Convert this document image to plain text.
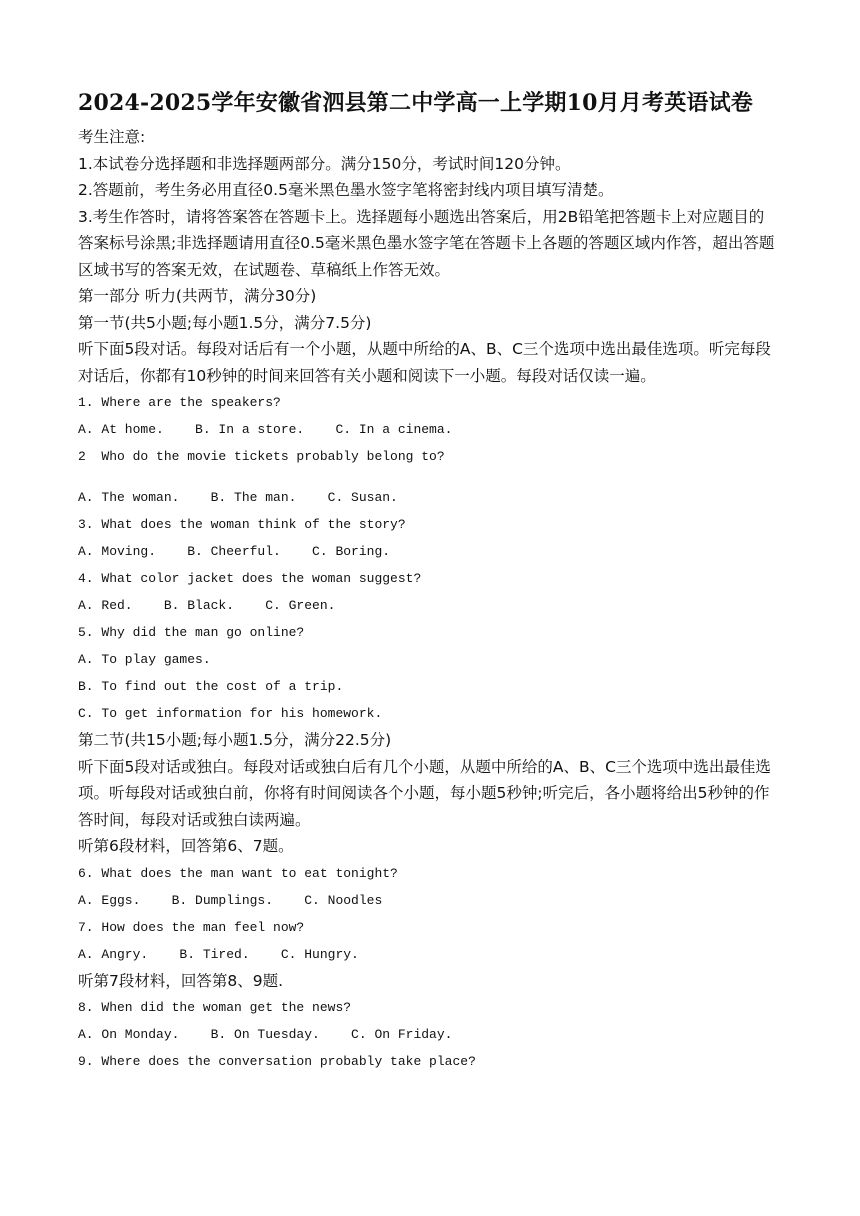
2024-2025学年安徽省泗县第二中学高一上学期10月月考英语试卷

考生注意:

1.本试卷分选择题和非选择题两部分。满分150分，考试时间120分钟。

2.答题前，考生务必用直径0.5毫米黑色墨水签字笔将密封线内项目填写清楚。

3.考生作答时，请将答案答在答题卡上。选择题每小题选出答案后，用2B铅笔把答题卡上对应题目的答案标号涂黑;非选择题请用直径0.5毫米黑色墨水签字笔在答题卡上各题的答题区域内作答，超出答题区域书写的答案无效，在试题卷、草稿纸上作答无效。

第一部分 听力(共两节，满分30分)

第一节(共5小题;每小题1.5分，满分7.5分)

听下面5段对话。每段对话后有一个小题，从题中所给的A、B、C三个选项中选出最佳选项。听完每段对话后，你都有10秒钟的时间来回答有关小题和阅读下一小题。每段对话仅读一遍。

1. Where are the speakers?

A. At home.    B. In a store.    C. In a cinema.

2  Who do the movie tickets probably belong to?

A. The woman.    B. The man.    C. Susan.

3. What does the woman think of the story?

A. Moving.    B. Cheerful.    C. Boring.

4. What color jacket does the woman suggest?

A. Red.    B. Black.    C. Green.

5. Why did the man go online?

A. To play games.

B. To find out the cost of a trip.

C. To get information for his homework.

第二节(共15小题;每小题1.5分，满分22.5分)

听下面5段对话或独白。每段对话或独白后有几个小题，从题中所给的A、B、C三个选项中选出最佳选项。听每段对话或独白前，你将有时间阅读各个小题，每小题5秒钟;听完后，各小题将给出5秒钟的作答时间，每段对话或独白读两遍。

听第6段材料，回答第6、7题。

6. What does the man want to eat tonight?

A. Eggs.    B. Dumplings.    C. Noodles

7. How does the man feel now?

A. Angry.    B. Tired.    C. Hungry.

听第7段材料，回答第8、9题.

8. When did the woman get the news?

A. On Monday.    B. On Tuesday.    C. On Friday.

9. Where does the conversation probably take place?
